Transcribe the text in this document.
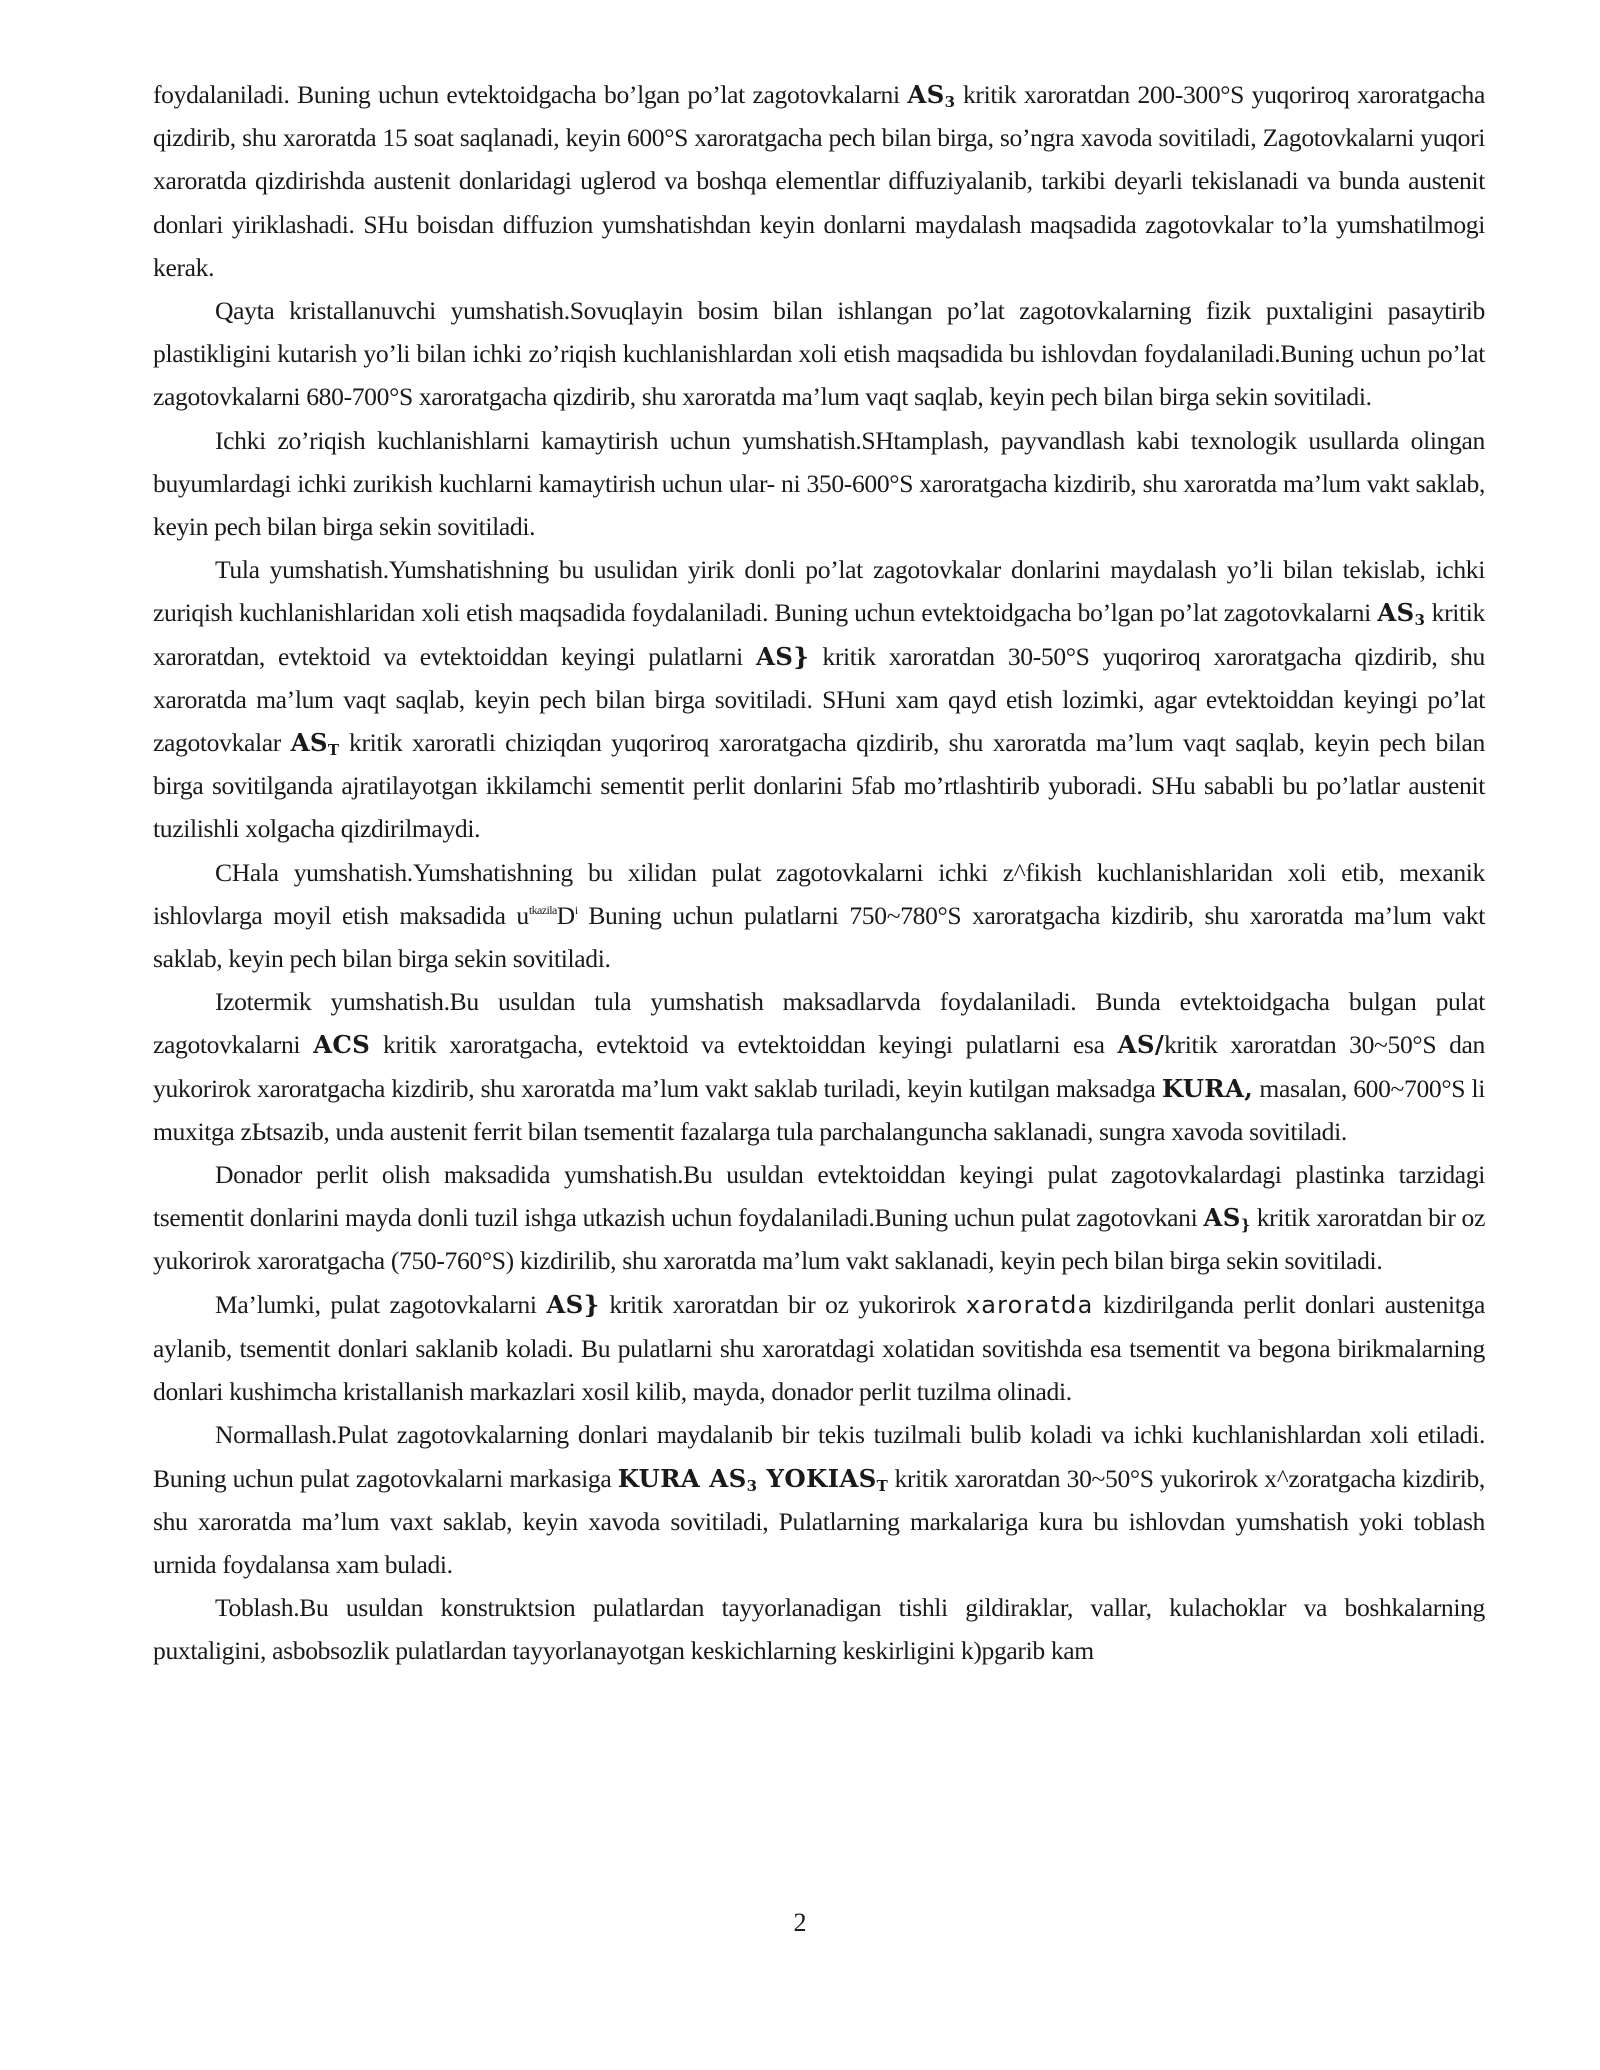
foydalaniladi. Buning uchun evtektoidgacha bo’lgan po’lat zagotovkalarni $AS_3$ kritik xaroratdan 200-300°S yuqoriroq xaroratgacha qizdirib, shu xaroratda 15 soat saqlanadi, keyin 600°S xaroratgacha pech bilan birga, so’ngra xavoda sovitiladi, Zagotovkalarni yuqori xaroratda qizdirishda austenit donlaridagi uglerod va boshqa elementlar diffuziyalanib, tarkibi deyarli tekislanadi va bunda austenit donlari yiriklashadi. SHu boisdan diffuzion yumshatishdan keyin donlarni maydalash maqsadida zagotovkalar to’la yumshatilmogi kerak.

Qayta kristallanuvchi yumshatish.Sovuqlayin bosim bilan ishlangan po’lat zagotovkalarning fizik puxtaligini pasaytirib plastikligini kutarish yo’li bilan ichki zo’riqish kuchlanishlardan xoli etish maqsadida bu ishlovdan foydalaniladi.Buning uchun po’lat zagotovkalarni 680-700°S xaroratgacha qizdirib, shu xaroratda ma’lum vaqt saqlab, keyin pech bilan birga sekin sovitiladi.

Ichki zo’riqish kuchlanishlarni kamaytirish uchun yumshatish.SHtamplash, payvandlash kabi texnologik usullarda olingan buyumlardagi ichki zurikish kuchlarni kamaytirish uchun ular- ni 350-600°S xaroratgacha kizdirib, shu xaroratda ma’lum vakt saklab, keyin pech bilan birga sekin sovitiladi.

Tula yumshatish.Yumshatishning bu usulidan yirik donli po’lat zagotovkalar donlarini maydalash yo’li bilan tekislab, ichki zuriqish kuchlanishlaridan xoli etish maqsadida foydalaniladi. Buning uchun evtektoidgacha bo’lgan po’lat zagotovkalarni $AS_3$ kritik xaroratdan, evtektoid va evtektoiddan keyingi pulatlarni AS} kritik xaroratdan 30-50°S yuqoriroq xaroratgacha qizdirib, shu xaroratda ma’lum vaqt saqlab, keyin pech bilan birga sovitiladi. SHuni xam qayd etish lozimki, agar evtektoiddan keyingi po’lat zagotovkalar $AS_T$ kritik xaroratli chiziqdan yuqoriroq xaroratgacha qizdirib, shu xaroratda ma’lum vaqt saqlab, keyin pech bilan birga sovitilganda ajratilayotgan ikkilamchi sementit perlit donlarini 5fab mo’rtlashtirib yuboradi. SHu sababli bu po’latlar austenit tuzilishli xolgacha qizdirilmaydi.

CHala yumshatish.Yumshatishning bu xilidan pulat zagotovkalarni ichki z^fikish kuchlanishlaridan xoli etib, mexanik ishlovlarga moyil etish maksadida $u^{tkazila}D^i$ Buning uchun pulatlarni 750~780°S xaroratgacha kizdirib, shu xaroratda ma’lum vakt saklab, keyin pech bilan birga sekin sovitiladi.

Izotermik yumshatish.Bu usuldan tula yumshatish maksadlarvda foydalaniladi. Bunda evtektoidgacha bulgan pulat zagotovkalarni ACS kritik xaroratgacha, evtektoid va evtektoiddan keyingi pulatlarni esa AS/kritik xaroratdan 30~50°S dan yukorirok xaroratgacha kizdirib, shu xaroratda ma’lum vakt saklab turiladi, keyin kutilgan maksadga KURA, masalan, 600~700°S li muxitga zЬtsazib, unda austenit ferrit bilan tsementit fazalarga tula parchalanguncha saklanadi, sungra xavoda sovitiladi.

Donador perlit olish maksadida yumshatish.Bu usuldan evtektoiddan keyingi pulat zagotovkalardagi plastinka tarzidagi tsementit donlarini mayda donli tuzil ishga utkazish uchun foydalaniladi.Buning uchun pulat zagotovkani $AS_{\}}$ kritik xaroratdan bir oz yukorirok xaroratgacha (750-760°S) kizdirilib, shu xaroratda ma’lum vakt saklanadi, keyin pech bilan birga sekin sovitiladi.

Ma’lumki, pulat zagotovkalarni AS} kritik xaroratdan bir oz yukorirok xaroratda kizdirilganda perlit donlari austenitga aylanib, tsementit donlari saklanib koladi. Bu pulatlarni shu xaroratdagi xolatidan sovitishda esa tsementit va begona birikmalarning donlari kushimcha kristallanish markazlari xosil kilib, mayda, donador perlit tuzilma olinadi.

Normallash.Pulat zagotovkalarning donlari maydalanib bir tekis tuzilmali bulib koladi va ichki kuchlanishlardan xoli etiladi. Buning uchun pulat zagotovkalarni markasiga KURA $AS_3$ $YOKIAS_T$ kritik xaroratdan 30~50°S yukorirok x^zoratgacha kizdirib, shu xaroratda ma’lum vaxt saklab, keyin xavoda sovitiladi, Pulatlarning markalariga kura bu ishlovdan yumshatish yoki toblash urnida foydalansa xam buladi.

Toblash.Bu usuldan konstruktsion pulatlardan tayyorlanadigan tishli gildiraklar, vallar, kulachoklar va boshkalarning puxtaligini, asbobsozlik pulatlardan tayyorlanayotgan keskichlarning keskirligini k)pgarib kam

2
